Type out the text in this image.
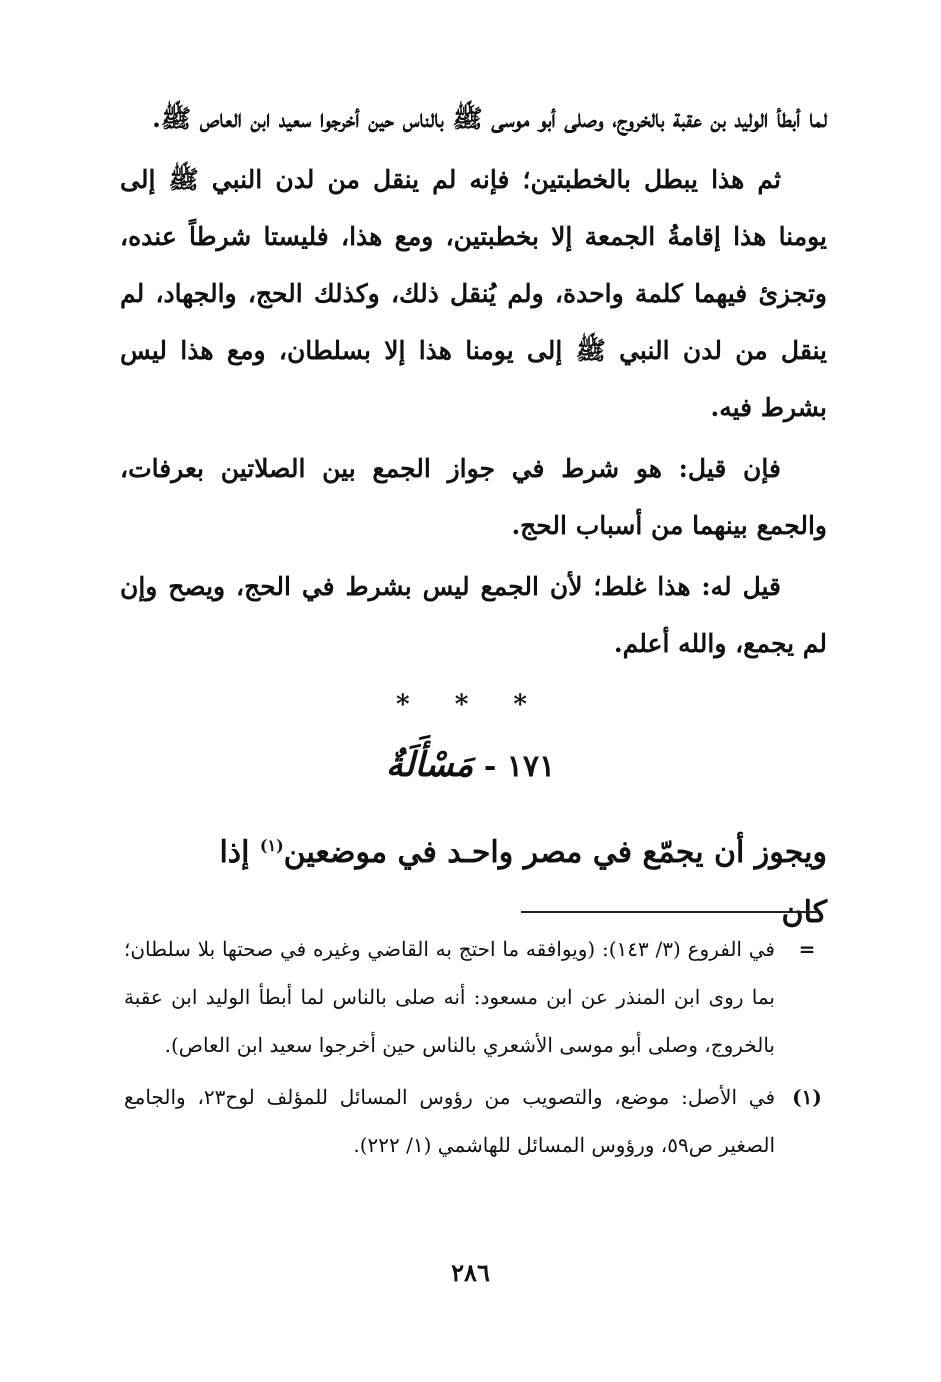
لما أبطأ الوليد بن عقبة بالخروج، وصلى أبو موسى ﷺ بالناس حين أخرجوا سعيد ابن العاص ﷺ.

ثم هذا يبطل بالخطبتين؛ فإنه لم ينقل من لدن النبي ﷺ إلى يومنا هذا إقامةُ الجمعة إلا بخطبتين، ومع هذا، فليستا شرطاً عنده، وتجزئ فيهما كلمة واحدة، ولم يُنقل ذلك، وكذلك الحج، والجهاد، لم ينقل من لدن النبي ﷺ إلى يومنا هذا إلا بسلطان، ومع هذا ليس بشرط فيه.

فإن قيل: هو شرط في جواز الجمع بين الصلاتين بعرفات، والجمع بينهما من أسباب الحج.

قيل له: هذا غلط؛ لأن الجمع ليس بشرط في الحج، ويصح وإن لم يجمع، والله أعلم.

* * *
١٧١ - مَسْأَلَةٌ
ويجوز أن يجمّع في مصر واحـد في موضعين$^{(١)}$ إذا كان
=
في الفروع (٣/ ١٤٣): (ويوافقه ما احتج به القاضي وغيره في صحتها بلا سلطان؛ بما روى ابن المنذر عن ابن مسعود: أنه صلى بالناس لما أبطأ الوليد ابن عقبة بالخروج، وصلى أبو موسى الأشعري بالناس حين أخرجوا سعيد ابن العاص).
(١)
في الأصل: موضع، والتصويب من رؤوس المسائل للمؤلف لوح٢٣، والجامع الصغير ص٥٩، ورؤوس المسائل للهاشمي (١/ ٢٢٢).
٢٨٦
